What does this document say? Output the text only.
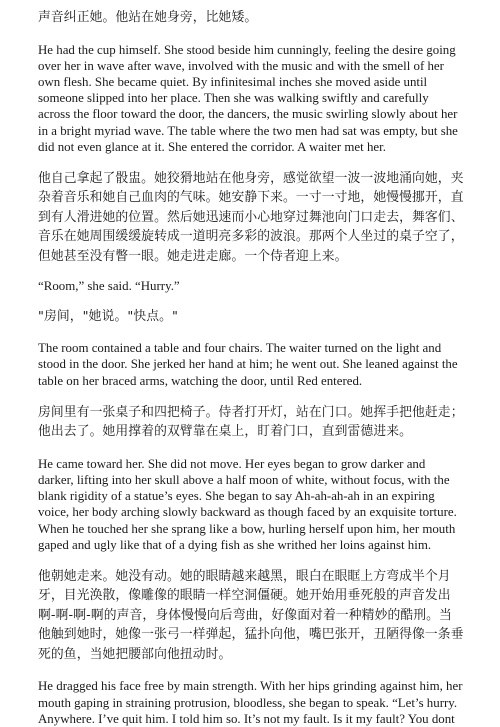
声音纠正她。他站在她身旁，比她矮。

He had the cup himself. She stood beside him cunningly, feeling the desire going over her in wave after wave, involved with the music and with the smell of her own flesh. She became quiet. By infinitesimal inches she moved aside until someone slipped into her place. Then she was walking swiftly and carefully across the floor toward the door, the dancers, the music swirling slowly about her in a bright myriad wave. The table where the two men had sat was empty, but she did not even glance at it. She entered the corridor. A waiter met her.

他自己拿起了骰盅。她狡猾地站在他身旁，感觉欲望一波一波地涌向她，夹杂着音乐和她自己血肉的气味。她安静下来。一寸一寸地，她慢慢挪开，直到有人滑进她的位置。然后她迅速而小心地穿过舞池向门口走去，舞客们、音乐在她周围缓缓旋转成一道明亮多彩的波浪。那两个人坐过的桌子空了，但她甚至没有瞥一眼。她走进走廊。一个侍者迎上来。

“Room,” she said. “Hurry.”

"房间，"她说。"快点。"

The room contained a table and four chairs. The waiter turned on the light and stood in the door. She jerked her hand at him; he went out. She leaned against the table on her braced arms, watching the door, until Red entered.

房间里有一张桌子和四把椅子。侍者打开灯，站在门口。她挥手把他赶走；他出去了。她用撑着的双臂靠在桌上，盯着门口，直到雷德进来。

He came toward her. She did not move. Her eyes began to grow darker and darker, lifting into her skull above a half moon of white, without focus, with the blank rigidity of a statue’s eyes. She began to say Ah-ah-ah-ah in an expiring voice, her body arching slowly backward as though faced by an exquisite torture. When he touched her she sprang like a bow, hurling herself upon him, her mouth gaped and ugly like that of a dying fish as she writhed her loins against him.

他朝她走来。她没有动。她的眼睛越来越黑，眼白在眼眶上方弯成半个月牙，目光涣散，像雕像的眼睛一样空洞僵硬。她开始用垂死般的声音发出啊-啊-啊-啊的声音，身体慢慢向后弯曲，好像面对着一种精妙的酷刑。当他触到她时，她像一张弓一样弹起，猛扑向他，嘴巴张开，丑陋得像一条垂死的鱼，当她把腰部向他扭动时。

He dragged his face free by main strength. With her hips grinding against him, her mouth gaping in straining protrusion, bloodless, she began to speak. “Let’s hurry. Anywhere. I’ve quit him. I told him so. It’s not my fault. Is it my fault? You dont
